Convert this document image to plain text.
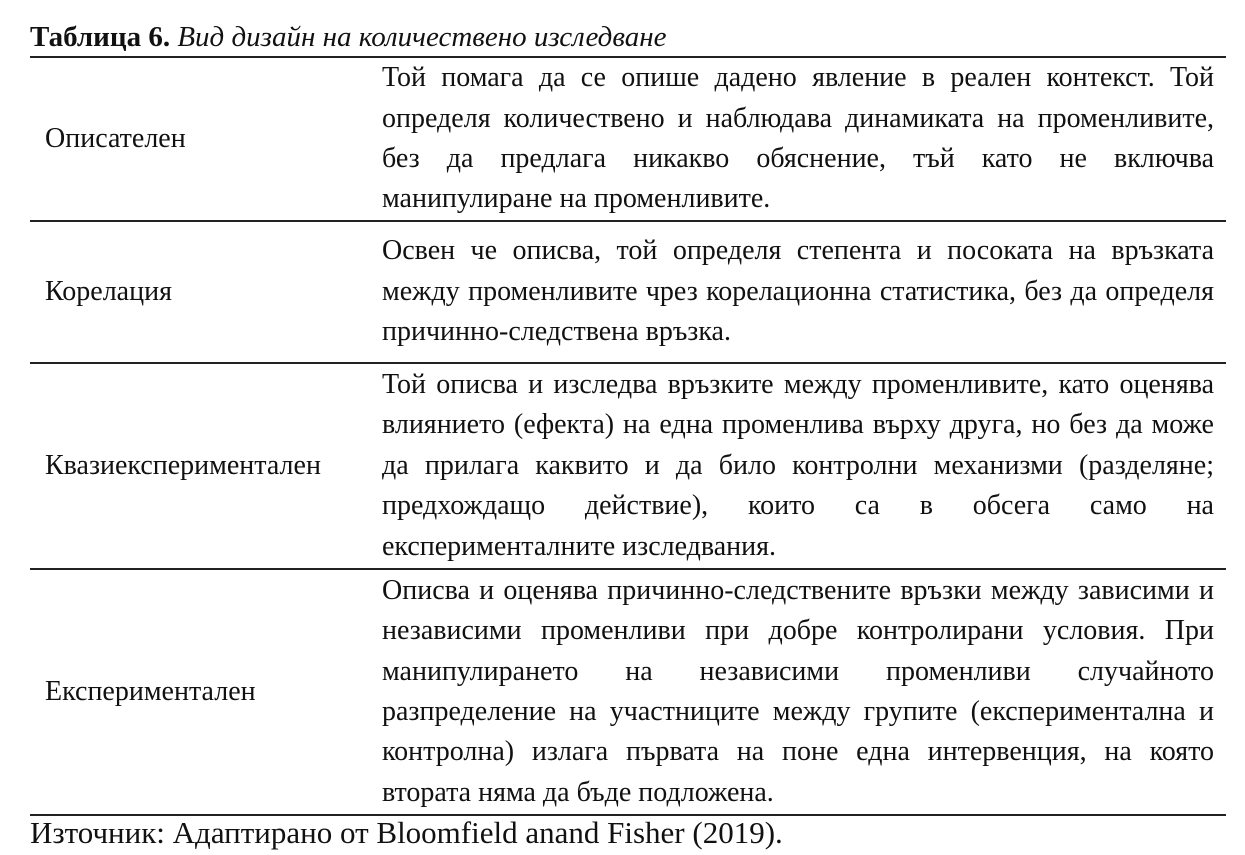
Таблица 6. Вид дизайн на количествено изследване
Описателен
Той помага да се опише дадено явление в реален контекст. Той определя количествено и наблюдава динамиката на променливите, без да предлага никакво обяснение, тъй като не включва манипулиране на променливите.
Корелация
Освен че описва, той определя степента и посоката на връзката между променливите чрез корелационна статистика, без да определя причинно-следствена връзка.
Квазиекспериментален
Той описва и изследва връзките между променливите, като оценява влиянието (ефекта) на една променлива върху друга, но без да може да прилага каквито и да било контролни механизми (разделяне; предхождащо действие), които са в обсега само на експерименталните изследвания.
Експериментален
Описва и оценява причинно-следствените връзки между зависими и независими променливи при добре контролирани условия. При манипулирането на независими променливи случайното разпределение на участниците между групите (експериментална и контролна) излага първата на поне една интервенция, на която втората няма да бъде подложена.
Източник: Адаптирано от Bloomfield anand Fisher (2019).
